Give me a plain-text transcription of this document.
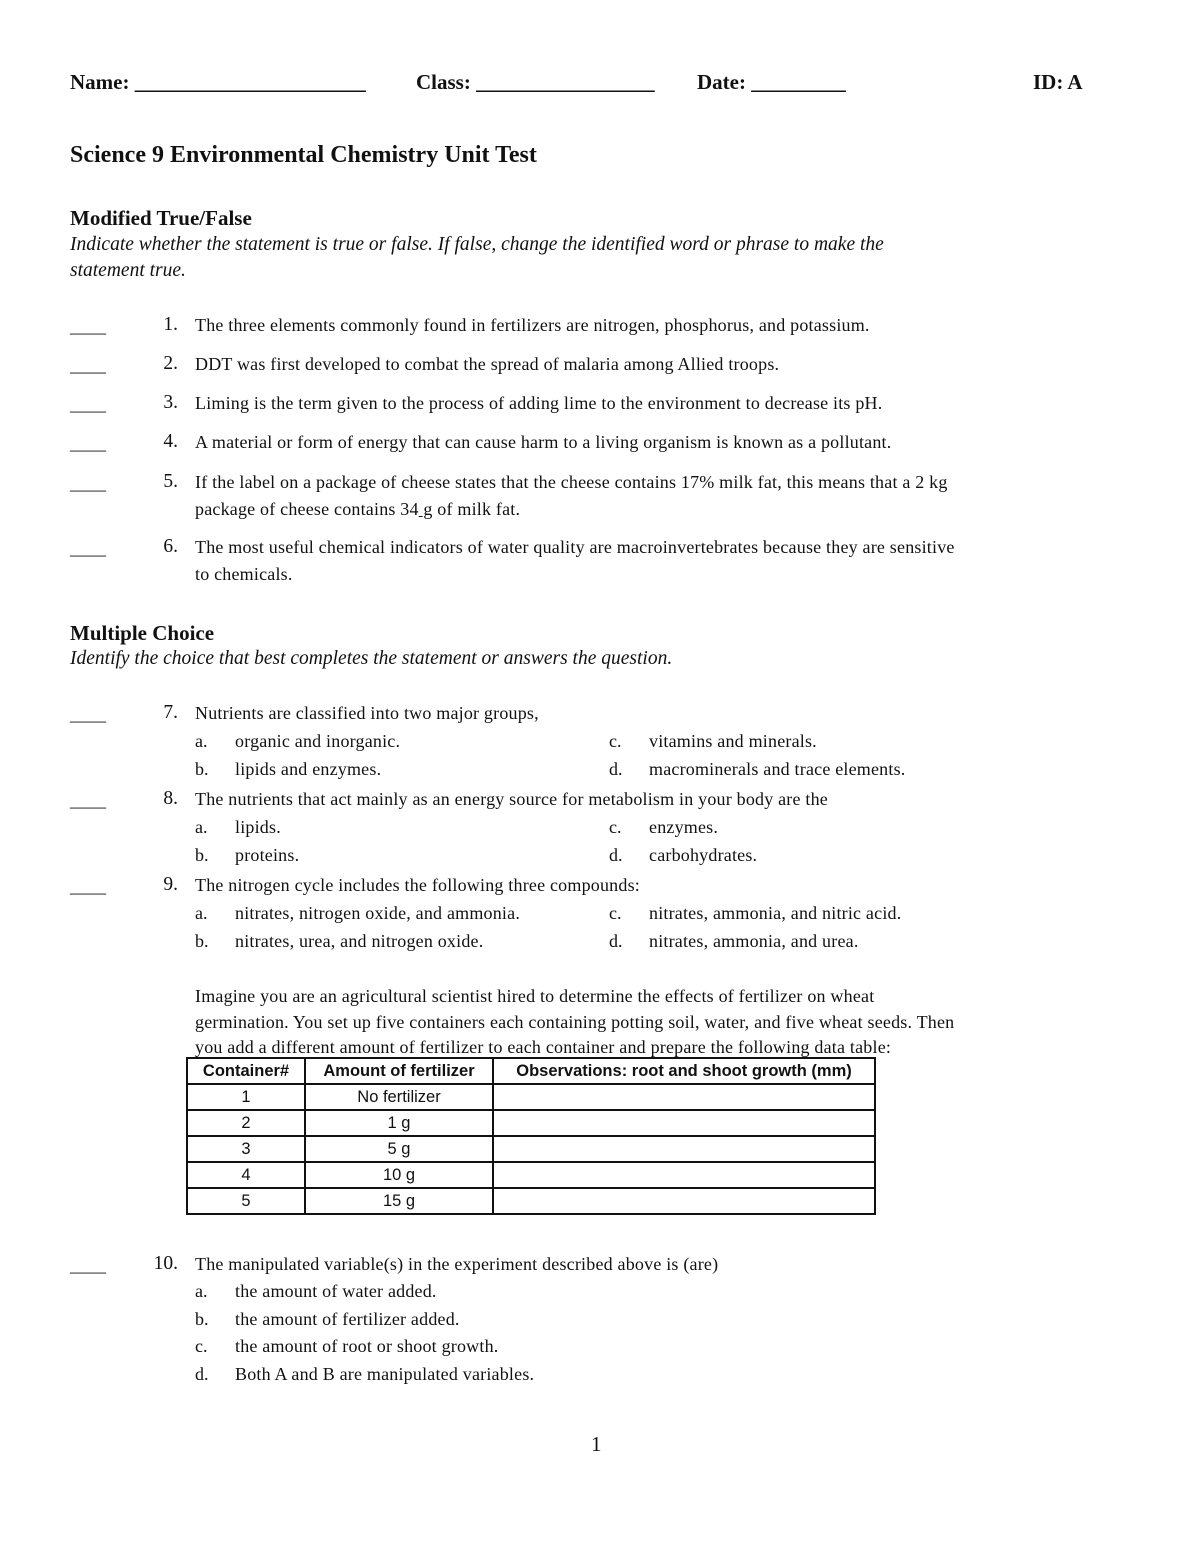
Name: ______________________ Class: _________________ Date: _________	ID: A
Science 9 Environmental Chemistry Unit Test
Modified True/False
Indicate whether the statement is true or false. If false, change the identified word or phrase to make the
statement true.
____	1. The three elements commonly found in fertilizers are nitrogen, phosphorus, and potassium.
____	2. DDT was first developed to combat the spread of malaria among Allied troops.
____	3. Liming is the term given to the process of adding lime to the environment to decrease its pH.
____	4. A material or form of energy that can cause harm to a living organism is known as a pollutant.
____	5. If the label on a package of cheese states that the cheese contains 17% milk fat, this means that a 2 kg
package of cheese contains 34 g of milk fat.
____	6. The most useful chemical indicators of water quality are macroinvertebrates because they are sensitive
to chemicals.
Multiple Choice
Identify the choice that best completes the statement or answers the question.
____	7. Nutrients are classified into two major groups,
a. organic and inorganic.	c. vitamins and minerals.
b. lipids and enzymes.	d. macrominerals and trace elements.
____	8. The nutrients that act mainly as an energy source for metabolism in your body are the
a. lipids.	c. enzymes.
b. proteins.	d. carbohydrates.
____	9. The nitrogen cycle includes the following three compounds:
a. nitrates, nitrogen oxide, and ammonia.	c. nitrates, ammonia, and nitric acid.
b. nitrates, urea, and nitrogen oxide.	d. nitrates, ammonia, and urea.
Imagine you are an agricultural scientist hired to determine the effects of fertilizer on wheat
germination. You set up five containers each containing potting soil, water, and five wheat seeds. Then
you add a different amount of fertilizer to each container and prepare the following data table:
Container#	Amount of fertilizer	Observations: root and shoot growth (mm)
1	No fertilizer	
2	1 g	
3	5 g	
4	10 g	
5	15 g	
____	10. The manipulated variable(s) in the experiment described above is (are)
a. the amount of water added.
b. the amount of fertilizer added.
c. the amount of root or shoot growth.
d. Both A and B are manipulated variables.
1
